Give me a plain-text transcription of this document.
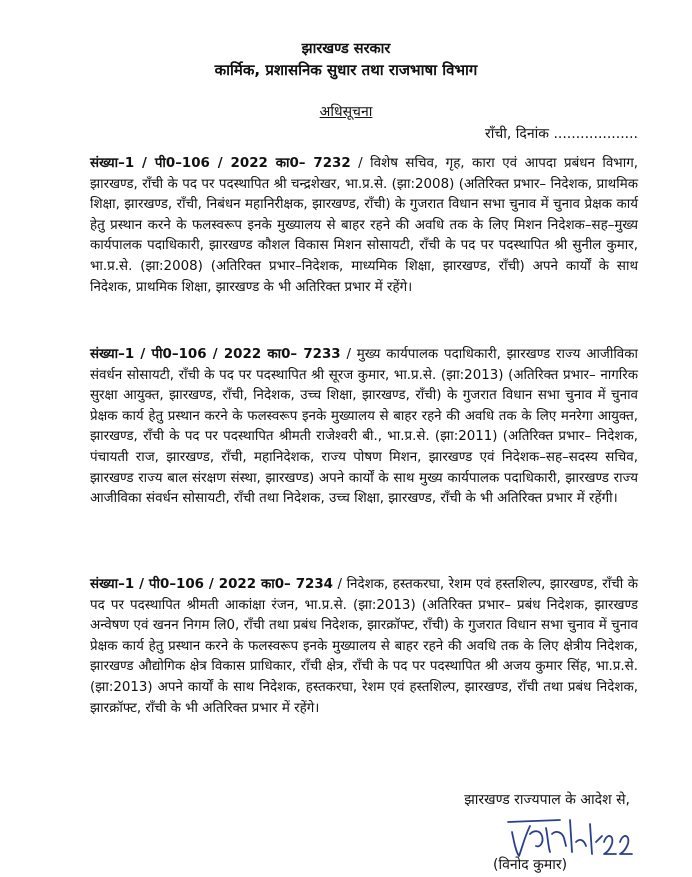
झारखण्ड सरकार
कार्मिक, प्रशासनिक सुधार तथा राजभाषा विभाग
अधिसूचना
राँची, दिनांक ...................

संख्या–1 / पी0–106 / 2022 का0– 7232 / विशेष सचिव, गृह, कारा एवं आपदा प्रबंधन विभाग, झारखण्ड, राँची के पद पर पदस्थापित श्री चन्द्रशेखर, भा.प्र.से. (झा:2008) (अतिरिक्त प्रभार– निदेशक, प्राथमिक शिक्षा, झारखण्ड, राँची, निबंधन महानिरीक्षक, झारखण्ड, राँची) के गुजरात विधान सभा चुनाव में चुनाव प्रेक्षक कार्य हेतु प्रस्थान करने के फलस्वरूप इनके मुख्यालय से बाहर रहने की अवधि तक के लिए मिशन निदेशक–सह–मुख्य कार्यपालक पदाधिकारी, झारखण्ड कौशल विकास मिशन सोसायटी, राँची के पद पर पदस्थापित श्री सुनील कुमार, भा.प्र.से. (झा:2008) (अतिरिक्त प्रभार–निदेशक, माध्यमिक शिक्षा, झारखण्ड, राँची) अपने कार्यों के साथ निदेशक, प्राथमिक शिक्षा, झारखण्ड के भी अतिरिक्त प्रभार में रहेंगे।

संख्या–1 / पी0–106 / 2022 का0– 7233 / मुख्य कार्यपालक पदाधिकारी, झारखण्ड राज्य आजीविका संवर्धन सोसायटी, राँची के पद पर पदस्थापित श्री सूरज कुमार, भा.प्र.से. (झा:2013) (अतिरिक्त प्रभार– नागरिक सुरक्षा आयुक्त, झारखण्ड, राँची, निदेशक, उच्च शिक्षा, झारखण्ड, राँची) के गुजरात विधान सभा चुनाव में चुनाव प्रेक्षक कार्य हेतु प्रस्थान करने के फलस्वरूप इनके मुख्यालय से बाहर रहने की अवधि तक के लिए मनरेगा आयुक्त, झारखण्ड, राँची के पद पर पदस्थापित श्रीमती राजेश्वरी बी., भा.प्र.से. (झा:2011) (अतिरिक्त प्रभार– निदेशक, पंचायती राज, झारखण्ड, राँची, महानिदेशक, राज्य पोषण मिशन, झारखण्ड एवं निदेशक–सह–सदस्य सचिव, झारखण्ड राज्य बाल संरक्षण संस्था, झारखण्ड) अपने कार्यों के साथ मुख्य कार्यपालक पदाधिकारी, झारखण्ड राज्य आजीविका संवर्धन सोसायटी, राँची तथा निदेशक, उच्च शिक्षा, झारखण्ड, राँची के भी अतिरिक्त प्रभार में रहेंगी।

संख्या–1 / पी0–106 / 2022 का0– 7234 / निदेशक, हस्तकरघा, रेशम एवं हस्तशिल्प, झारखण्ड, राँची के पद पर पदस्थापित श्रीमती आकांक्षा रंजन, भा.प्र.से. (झा:2013) (अतिरिक्त प्रभार– प्रबंध निदेशक, झारखण्ड अन्वेषण एवं खनन निगम लि0, राँची तथा प्रबंध निदेशक, झारक्रॉफ्ट, राँची) के गुजरात विधान सभा चुनाव में चुनाव प्रेक्षक कार्य हेतु प्रस्थान करने के फलस्वरूप इनके मुख्यालय से बाहर रहने की अवधि तक के लिए क्षेत्रीय निदेशक, झारखण्ड औद्योगिक क्षेत्र विकास प्राधिकार, राँची क्षेत्र, राँची के पद पर पदस्थापित श्री अजय कुमार सिंह, भा.प्र.से. (झा:2013) अपने कार्यों के साथ निदेशक, हस्तकरघा, रेशम एवं हस्तशिल्प, झारखण्ड, राँची तथा प्रबंध निदेशक, झारक्रॉफ्ट, राँची के भी अतिरिक्त प्रभार में रहेंगे।

झारखण्ड राज्यपाल के आदेश से,
(विनोद कुमार)
